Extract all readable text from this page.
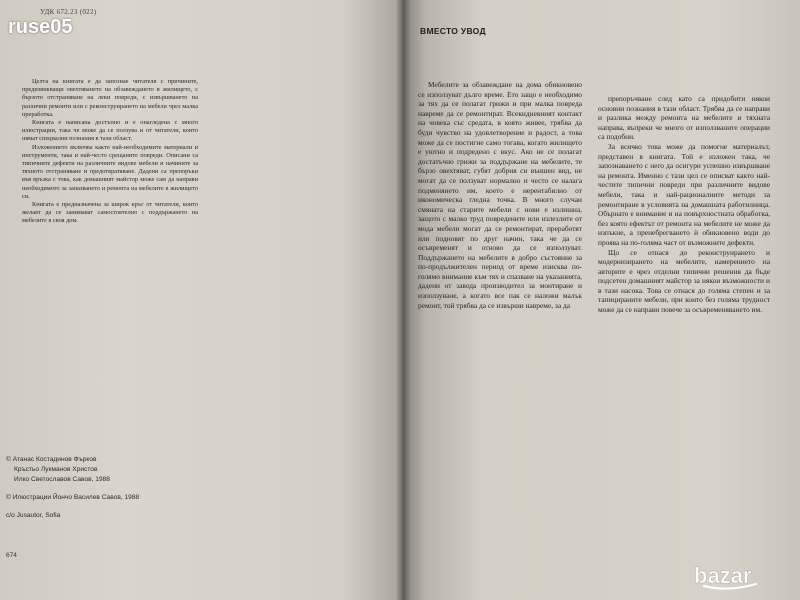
ruse05
УДК 672.23 (022)

Целта на книгата е да запознае читателя с причините, предизвикващи овехтяването на обзавеждането в жилището, с бързото отстраняване на леки повреди, с извършването на различни ремонти или с реконструирането на мебели чрез малка преработка.

Книгата е написана достъпно и е онагледена с много илюстрации, така че може да се ползува и от читатели, които нямат специални познания в тази област.

Изложението включва както най-необходимите материали и инструменти, така и най-често срещаните повреди. Описани са типичните дефекти на различните видове мебели и начините за тяхното отстраняване и предотвратяване. Дадени са препоръки във връзка с това, как домашният майстор може сам да направи необходимото за запазването и ремонта на мебелите в жилището си.

Книгата е предназначена за широк кръг от читатели, които желаят да се занимават самостоятелно с поддържането на мебелите в своя дом.

© Атанас Костадинов Фърков
Кръстьо Лукманов Христов
Илко Светославов Савов, 1988
© Илюстрации Йончо Василев Савов, 1988
c/o Jusautor, Sofia
674
ВМЕСТО УВОД

Мебелите за обзавеждане на дома обикновено се използуват дълго време. Ето защо е необходимо за тях да се полагат грижи и при малка повреда навреме да се ремонтират. Всекидневният контакт на човека със средата, в която живее, трябва да буди чувство на удовлетворение и радост, а това може да се постигне само тогава, когато жилището е уютно и подредено с вкус. Ако не се полагат достатъчно грижи за поддържане на мебелите, те бързо овехтяват, губят добрия си външен вид, не могат да се ползуват нормално и често се налага подменянето им, което е нерентабилно от икономическа гледна точка. В много случаи смяната на старите мебели с нови е излишна, защото с малко труд повредените или излезлите от мода мебели могат да се ремонтират, преработят или подновят по друг начин, така че да се осъвременят и отново да се използуват. Поддържането на мебелите в добро състояние за по-продължителен период от време изисква по-голямо внимание към тях и спазване на указанията, дадени от завода производител за монтиране и използуване, а когато все пак се наложи малък ремонт, той трябва да се извърши навреме, за да

препоръчване след като са придобити някои основни познания в тази област. Трябва да се направи и разлика между ремонта на мебелите и тяхната направа, въпреки че много от използваните операции са подобни.

За всичко това може да помогне материалът, представен в книгата. Той е изложен така, че запознаването с него да осигури успешно извършване на ремонта. Именно с тази цел се описват както най-честите типични повреди при различните видове мебели, така и най-рационалните методи за ремонтиране в условията на домашната работилница. Обърнато е внимание и на повърхностната обработка, без която ефектът от ремонта на мебелите не може да изпъкне, а пренебрегването ѝ обикновено води до проява на по-голяма част от възможните дефекти.

Що се отнася до реконструирането и модернизирането на мебелите, намерението на авторите е чрез отделни типични решения да бъде подсетен домашният майстор за някои възможности и в тази насока. Това се отнася до голяма степен и за тапицираните мебели, при които без голяма трудност може да се направи повече за осъвременяването им.

bazar
